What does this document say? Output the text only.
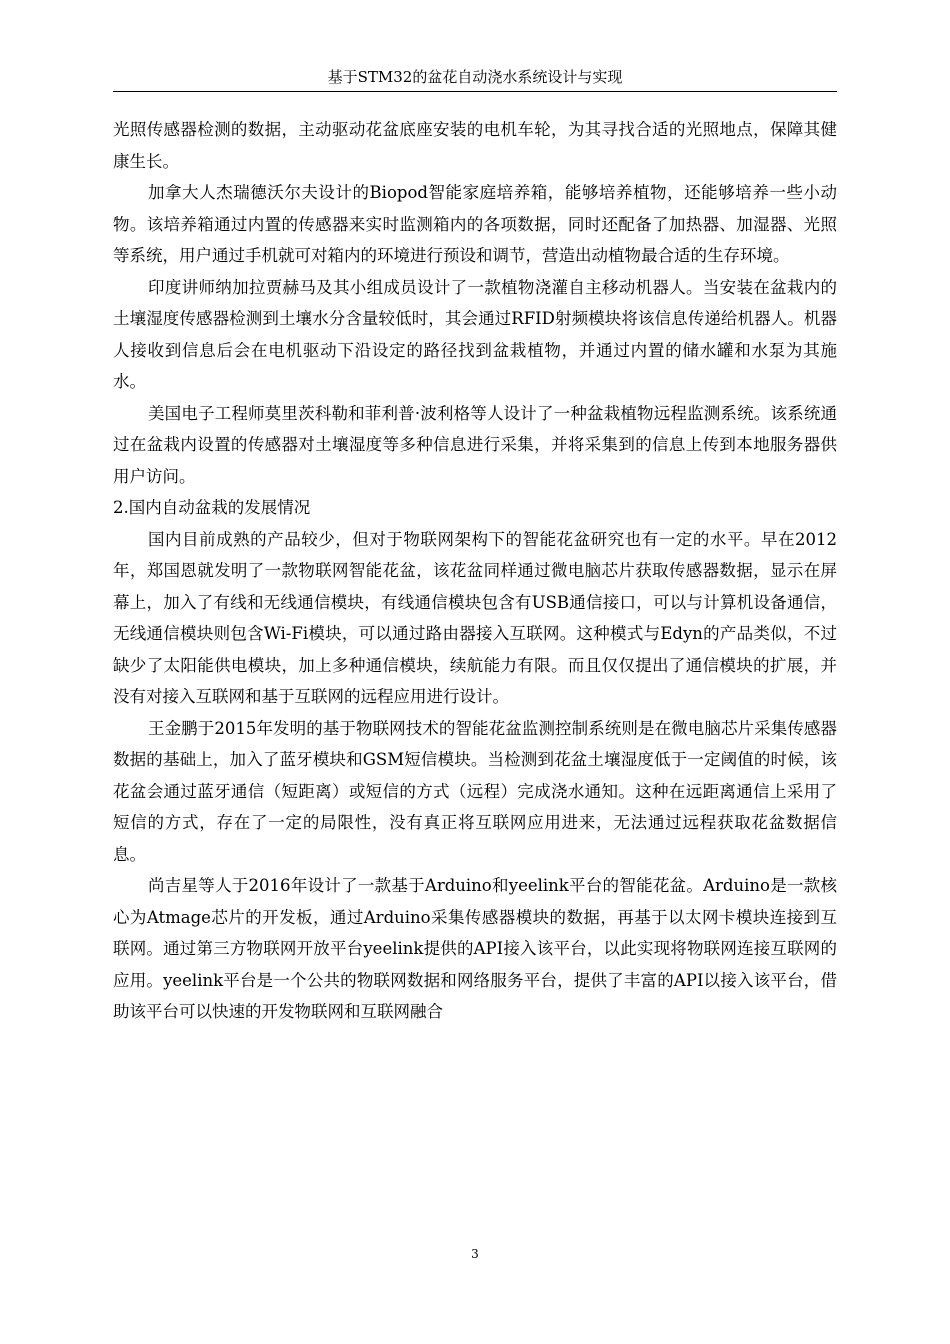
基于STM32的盆花自动浇水系统设计与实现

光照传感器检测的数据，主动驱动花盆底座安装的电机车轮，为其寻找合适的光照地点，保障其健康生长。

加拿大人杰瑞德沃尔夫设计的Biopod智能家庭培养箱，能够培养植物，还能够培养一些小动物。该培养箱通过内置的传感器来实时监测箱内的各项数据，同时还配备了加热器、加湿器、光照等系统，用户通过手机就可对箱内的环境进行预设和调节，营造出动植物最合适的生存环境。

印度讲师纳加拉贾赫马及其小组成员设计了一款植物浇灌自主移动机器人。当安装在盆栽内的土壤湿度传感器检测到土壤水分含量较低时，其会通过RFID射频模块将该信息传递给机器人。机器人接收到信息后会在电机驱动下沿设定的路径找到盆栽植物，并通过内置的储水罐和水泵为其施水。

美国电子工程师莫里茨科勒和菲利普·波利格等人设计了一种盆栽植物远程监测系统。该系统通过在盆栽内设置的传感器对土壤湿度等多种信息进行采集，并将采集到的信息上传到本地服务器供用户访问。

2.国内自动盆栽的发展情况

国内目前成熟的产品较少，但对于物联网架构下的智能花盆研究也有一定的水平。早在2012年，郑国恩就发明了一款物联网智能花盆，该花盆同样通过微电脑芯片获取传感器数据，显示在屏幕上，加入了有线和无线通信模块，有线通信模块包含有USB通信接口，可以与计算机设备通信，无线通信模块则包含Wi-Fi模块，可以通过路由器接入互联网。这种模式与Edyn的产品类似，不过缺少了太阳能供电模块，加上多种通信模块，续航能力有限。而且仅仅提出了通信模块的扩展，并没有对接入互联网和基于互联网的远程应用进行设计。

王金鹏于2015年发明的基于物联网技术的智能花盆监测控制系统则是在微电脑芯片采集传感器数据的基础上，加入了蓝牙模块和GSM短信模块。当检测到花盆土壤湿度低于一定阈值的时候，该花盆会通过蓝牙通信（短距离）或短信的方式（远程）完成浇水通知。这种在远距离通信上采用了短信的方式，存在了一定的局限性，没有真正将互联网应用进来，无法通过远程获取花盆数据信息。

尚吉星等人于2016年设计了一款基于Arduino和yeelink平台的智能花盆。Arduino是一款核心为Atmage芯片的开发板，通过Arduino采集传感器模块的数据，再基于以太网卡模块连接到互联网。通过第三方物联网开放平台yeelink提供的API接入该平台，以此实现将物联网连接互联网的应用。yeelink平台是一个公共的物联网数据和网络服务平台，提供了丰富的API以接入该平台，借助该平台可以快速的开发物联网和互联网融合

3
